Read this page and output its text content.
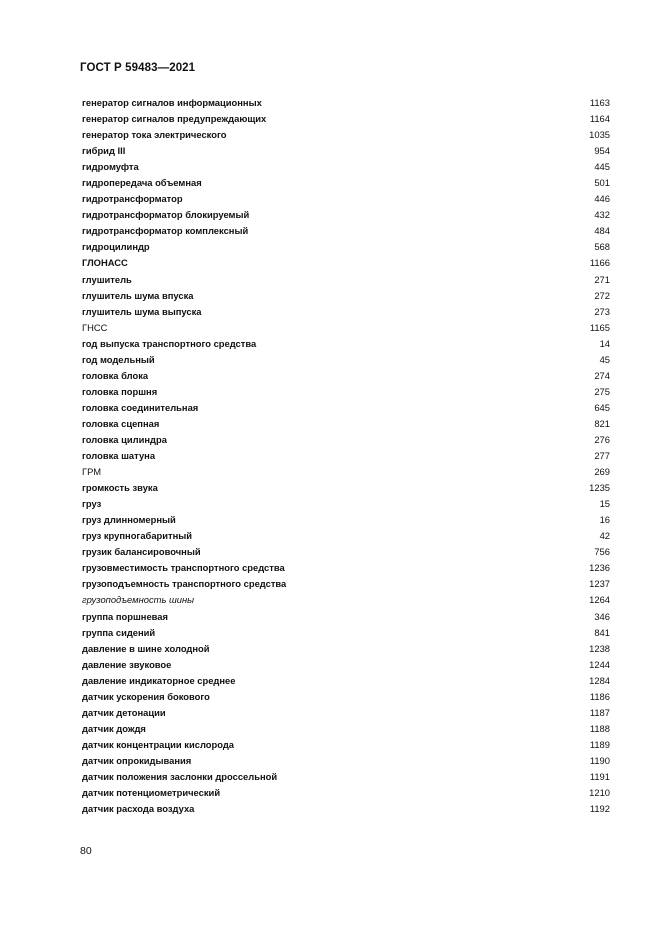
ГОСТ Р 59483—2021
генератор сигналов информационных	1163
генератор сигналов предупреждающих	1164
генератор тока электрического	1035
гибрид III	954
гидромуфта	445
гидропередача объемная	501
гидротрансформатор	446
гидротрансформатор блокируемый	432
гидротрансформатор комплексный	484
гидроцилиндр	568
ГЛОНАСС	1166
глушитель	271
глушитель шума впуска	272
глушитель шума выпуска	273
ГНСС	1165
год выпуска транспортного средства	14
год модельный	45
головка блока	274
головка поршня	275
головка соединительная	645
головка сцепная	821
головка цилиндра	276
головка шатуна	277
ГРМ	269
громкость звука	1235
груз	15
груз длинномерный	16
груз крупногабаритный	42
грузик балансировочный	756
грузовместимость транспортного средства	1236
грузоподъемность транспортного средства	1237
грузоподъемность шины	1264
группа поршневая	346
группа сидений	841
давление в шине холодной	1238
давление звуковое	1244
давление индикаторное среднее	1284
датчик ускорения бокового	1186
датчик детонации	1187
датчик дождя	1188
датчик концентрации кислорода	1189
датчик опрокидывания	1190
датчик положения заслонки дроссельной	1191
датчик потенциометрический	1210
датчик расхода воздуха	1192
80
